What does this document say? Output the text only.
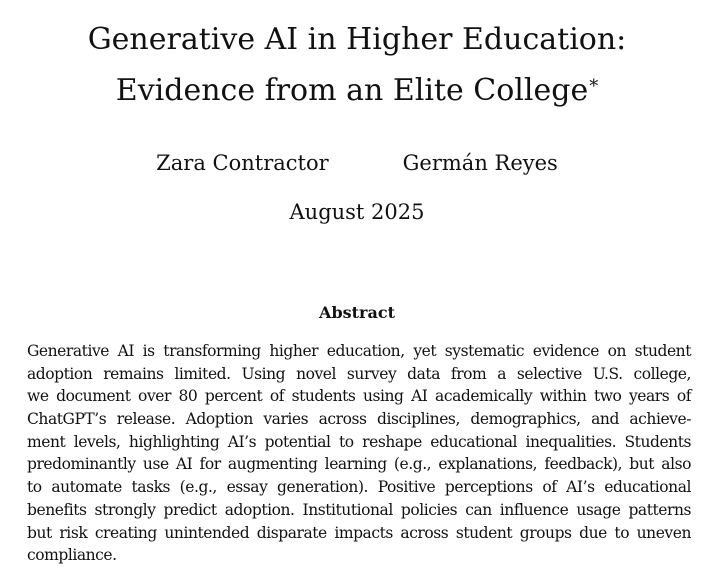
Generative AI in Higher Education:
Evidence from an Elite College*
Zara Contractor	Germán Reyes
August 2025
Abstract
Generative AI is transforming higher education, yet systematic evidence on student
adoption remains limited. Using novel survey data from a selective U.S. college,
we document over 80 percent of students using AI academically within two years of
ChatGPT’s release. Adoption varies across disciplines, demographics, and achieve-
ment levels, highlighting AI’s potential to reshape educational inequalities. Students
predominantly use AI for augmenting learning (e.g., explanations, feedback), but also
to automate tasks (e.g., essay generation). Positive perceptions of AI’s educational
benefits strongly predict adoption. Institutional policies can influence usage patterns
but risk creating unintended disparate impacts across student groups due to uneven
compliance.
